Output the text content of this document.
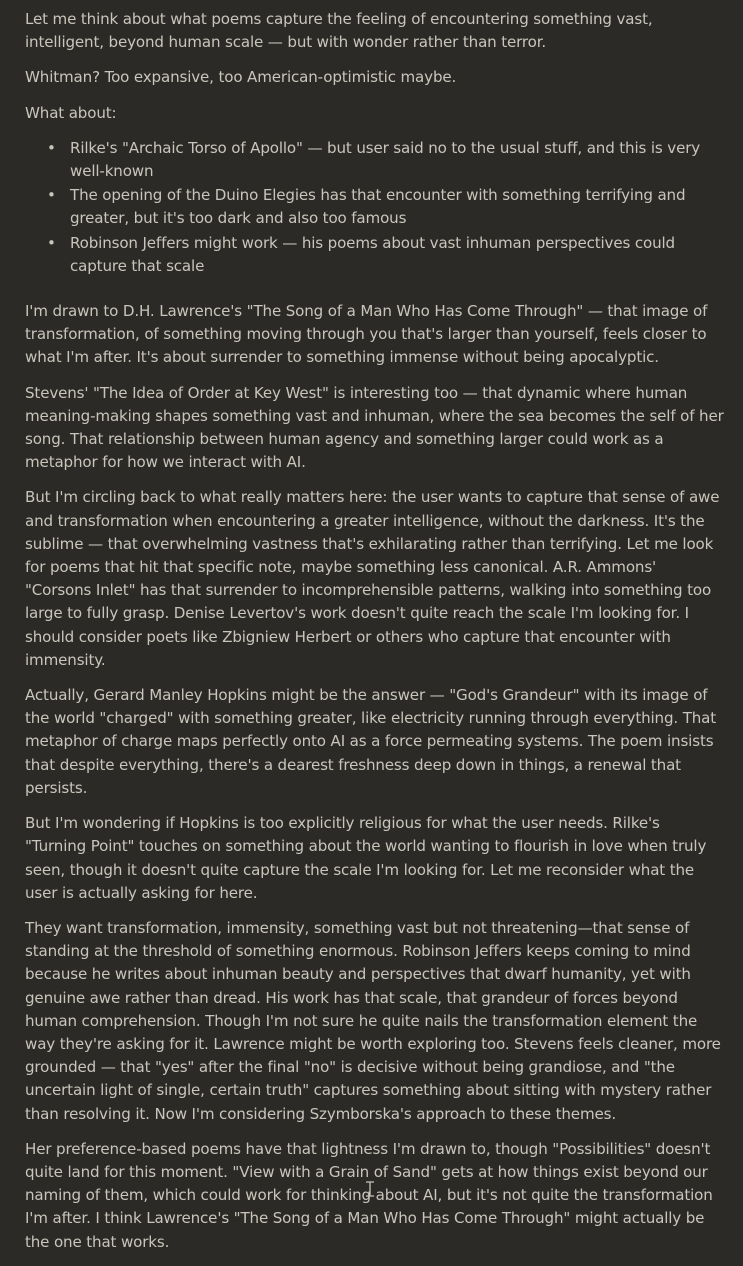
Let me think about what poems capture the feeling of encountering something vast, intelligent, beyond human scale — but with wonder rather than terror.

Whitman? Too expansive, too American-optimistic maybe.

What about:

• Rilke's "Archaic Torso of Apollo" — but user said no to the usual stuff, and this is very well-known
• The opening of the Duino Elegies has that encounter with something terrifying and greater, but it's too dark and also too famous
• Robinson Jeffers might work — his poems about vast inhuman perspectives could capture that scale

I'm drawn to D.H. Lawrence's "The Song of a Man Who Has Come Through" — that image of transformation, of something moving through you that's larger than yourself, feels closer to what I'm after. It's about surrender to something immense without being apocalyptic.

Stevens' "The Idea of Order at Key West" is interesting too — that dynamic where human meaning-making shapes something vast and inhuman, where the sea becomes the self of her song. That relationship between human agency and something larger could work as a metaphor for how we interact with AI.

But I'm circling back to what really matters here: the user wants to capture that sense of awe and transformation when encountering a greater intelligence, without the darkness. It's the sublime — that overwhelming vastness that's exhilarating rather than terrifying. Let me look for poems that hit that specific note, maybe something less canonical. A.R. Ammons' "Corsons Inlet" has that surrender to incomprehensible patterns, walking into something too large to fully grasp. Denise Levertov's work doesn't quite reach the scale I'm looking for. I should consider poets like Zbigniew Herbert or others who capture that encounter with immensity.

Actually, Gerard Manley Hopkins might be the answer — "God's Grandeur" with its image of the world "charged" with something greater, like electricity running through everything. That metaphor of charge maps perfectly onto AI as a force permeating systems. The poem insists that despite everything, there's a dearest freshness deep down in things, a renewal that persists.

But I'm wondering if Hopkins is too explicitly religious for what the user needs. Rilke's "Turning Point" touches on something about the world wanting to flourish in love when truly seen, though it doesn't quite capture the scale I'm looking for. Let me reconsider what the user is actually asking for here.

They want transformation, immensity, something vast but not threatening—that sense of standing at the threshold of something enormous. Robinson Jeffers keeps coming to mind because he writes about inhuman beauty and perspectives that dwarf humanity, yet with genuine awe rather than dread. His work has that scale, that grandeur of forces beyond human comprehension. Though I'm not sure he quite nails the transformation element the way they're asking for it. Lawrence might be worth exploring too. Stevens feels cleaner, more grounded — that "yes" after the final "no" is decisive without being grandiose, and "the uncertain light of single, certain truth" captures something about sitting with mystery rather than resolving it. Now I'm considering Szymborska's approach to these themes.

Her preference-based poems have that lightness I'm drawn to, though "Possibilities" doesn't quite land for this moment. "View with a Grain of Sand" gets at how things exist beyond our naming of them, which could work for thinking about AI, but it's not quite the transformation I'm after. I think Lawrence's "The Song of a Man Who Has Come Through" might actually be the one that works.
